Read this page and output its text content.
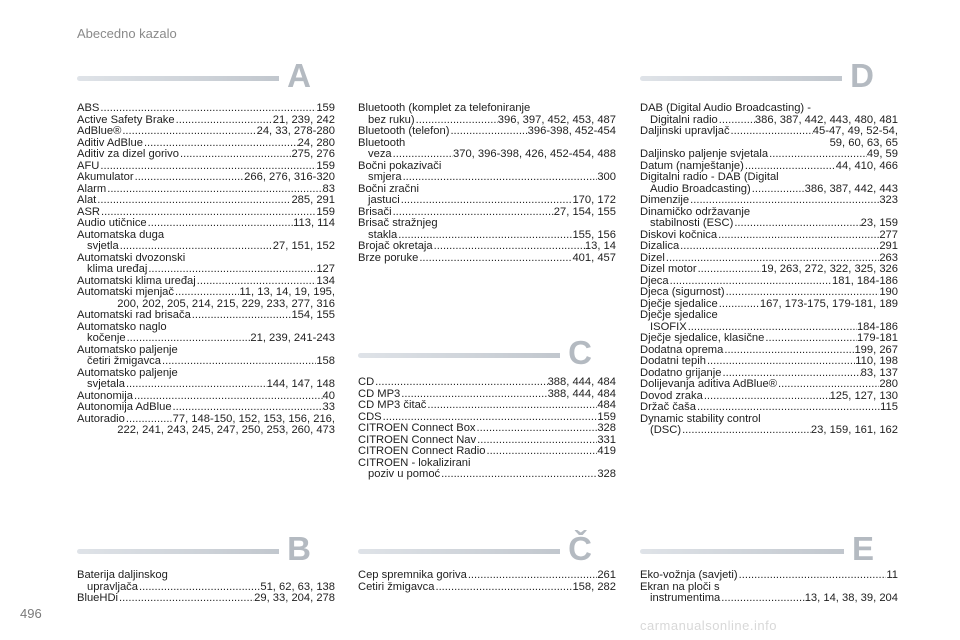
Abecedno kazalo
A
ABS .....	159
Active Safety Brake .....	21, 239, 242
AdBlue® .....	24, 33, 278-280
Aditiv AdBlue .....	24, 280
Aditiv za dizel gorivo .....	275, 276
AFU .....	159
Akumulator .....	266, 276, 316-320
Alarm .....	83
Alat .....	285, 291
ASR .....	159
Audio utičnice .....	113, 114
Automatska duga
svjetla .....	27, 151, 152
Automatski dvozonski
klima uređaj .....	127
Automatski klima uređaj .....	134
Automatski mjenjač .....	11, 13, 14, 19, 195,
200, 202, 205, 214, 215, 229, 233, 277, 316
Automatski rad brisača .....	154, 155
Automatsko naglo
kočenje .....	21, 239, 241-243
Automatsko paljenje
četiri žmigavca .....	158
Automatsko paljenje
svjetala .....	144, 147, 148
Autonomija .....	40
Autonomija AdBlue .....	33
Autoradio .....	77, 148-150, 152, 153, 156, 216,
222, 241, 243, 245, 247, 250, 253, 260, 473
B
Baterija daljinskog
upravljača .....	51, 62, 63, 138
BlueHDi .....	29, 33, 204, 278
Bluetooth (komplet za telefoniranje
bez ruku) .....	396, 397, 452, 453, 487
Bluetooth (telefon) .....	396-398, 452-454
Bluetooth
veza .....	370, 396-398, 426, 452-454, 488
Bočni pokazivači
smjera .....	300
Bočni zračni
jastuci .....	170, 172
Brisači .....	27, 154, 155
Brisač stražnjeg
stakla .....	155, 156
Brojač okretaja .....	13, 14
Brze poruke .....	401, 457
C
CD .....	388, 444, 484
CD MP3 .....	388, 444, 484
CD MP3 čitač .....	484
CDS .....	159
CITROËN Connect Box .....	328
CITROËN Connect Nav .....	331
CITROËN Connect Radio .....	419
CITROËN - lokalizirani
poziv u pomoć .....	328
Č
Čep spremnika goriva .....	261
Četiri žmigavca .....	158, 282
D
DAB (Digital Audio Broadcasting) -
Digitalni radio .....	386, 387, 442, 443, 480, 481
Daljinski upravljač .....	45-47, 49, 52-54,
59, 60, 63, 65
Daljinsko paljenje svjetala .....	49, 59
Datum (namještanje) .....	44, 410, 466
Digitalni radio - DAB (Digital
Audio Broadcasting) .....	386, 387, 442, 443
Dimenzije .....	323
Dinamičko održavanje
stabilnosti (ESC) .....	23, 159
Diskovi kočnica .....	277
Dizalica .....	291
Dizel .....	263
Dizel motor .....	19, 263, 272, 322, 325, 326
Djeca .....	181, 184-186
Djeca (sigurnost) .....	190
Dječje sjedalice .....	167, 173-175, 179-181, 189
Dječje sjedalice
ISOFIX .....	184-186
Dječje sjedalice, klasične .....	179-181
Dodatna oprema .....	199, 267
Dodatni tepih .....	110, 198
Dodatno grijanje .....	83, 137
Dolijevanja aditiva AdBlue® .....	280
Dovod zraka .....	125, 127, 130
Držač čaša .....	115
Dynamic stability control
(DSC) .....	23, 159, 161, 162
E
Eko-vožnja (savjeti) .....	11
Ekran na ploči s
instrumentima .....	13, 14, 38, 39, 204
496
carmanualsonline.info
